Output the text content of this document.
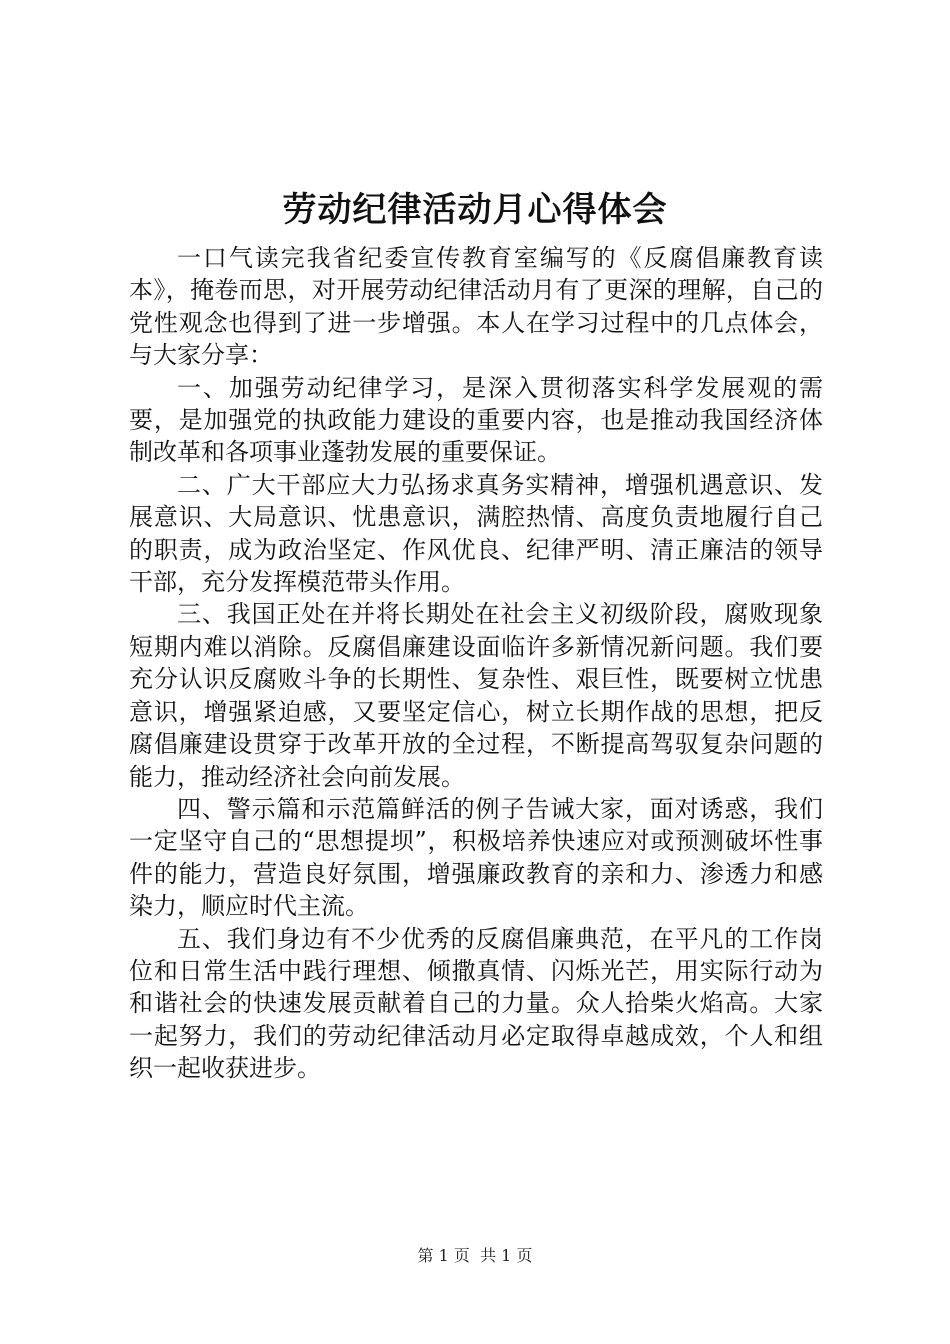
劳动纪律活动月心得体会

一口气读完我省纪委宣传教育室编写的《反腐倡廉教育读本》，掩卷而思，对开展劳动纪律活动月有了更深的理解，自己的党性观念也得到了进一步增强。本人在学习过程中的几点体会，与大家分享：

一、加强劳动纪律学习，是深入贯彻落实科学发展观的需要，是加强党的执政能力建设的重要内容，也是推动我国经济体制改革和各项事业蓬勃发展的重要保证。

二、广大干部应大力弘扬求真务实精神，增强机遇意识、发展意识、大局意识、忧患意识，满腔热情、高度负责地履行自己的职责，成为政治坚定、作风优良、纪律严明、清正廉洁的领导干部，充分发挥模范带头作用。

三、我国正处在并将长期处在社会主义初级阶段，腐败现象短期内难以消除。反腐倡廉建设面临许多新情况新问题。我们要充分认识反腐败斗争的长期性、复杂性、艰巨性，既要树立忧患意识，增强紧迫感，又要坚定信心，树立长期作战的思想，把反腐倡廉建设贯穿于改革开放的全过程，不断提高驾驭复杂问题的能力，推动经济社会向前发展。

四、警示篇和示范篇鲜活的例子告诫大家，面对诱惑，我们一定坚守自己的“思想提坝”，积极培养快速应对或预测破坏性事件的能力，营造良好氛围，增强廉政教育的亲和力、渗透力和感染力，顺应时代主流。

五、我们身边有不少优秀的反腐倡廉典范，在平凡的工作岗位和日常生活中践行理想、倾撒真情、闪烁光芒，用实际行动为和谐社会的快速发展贡献着自己的力量。众人拾柴火焰高。大家一起努力，我们的劳动纪律活动月必定取得卓越成效，个人和组织一起收获进步。

第 1 页  共 1 页
